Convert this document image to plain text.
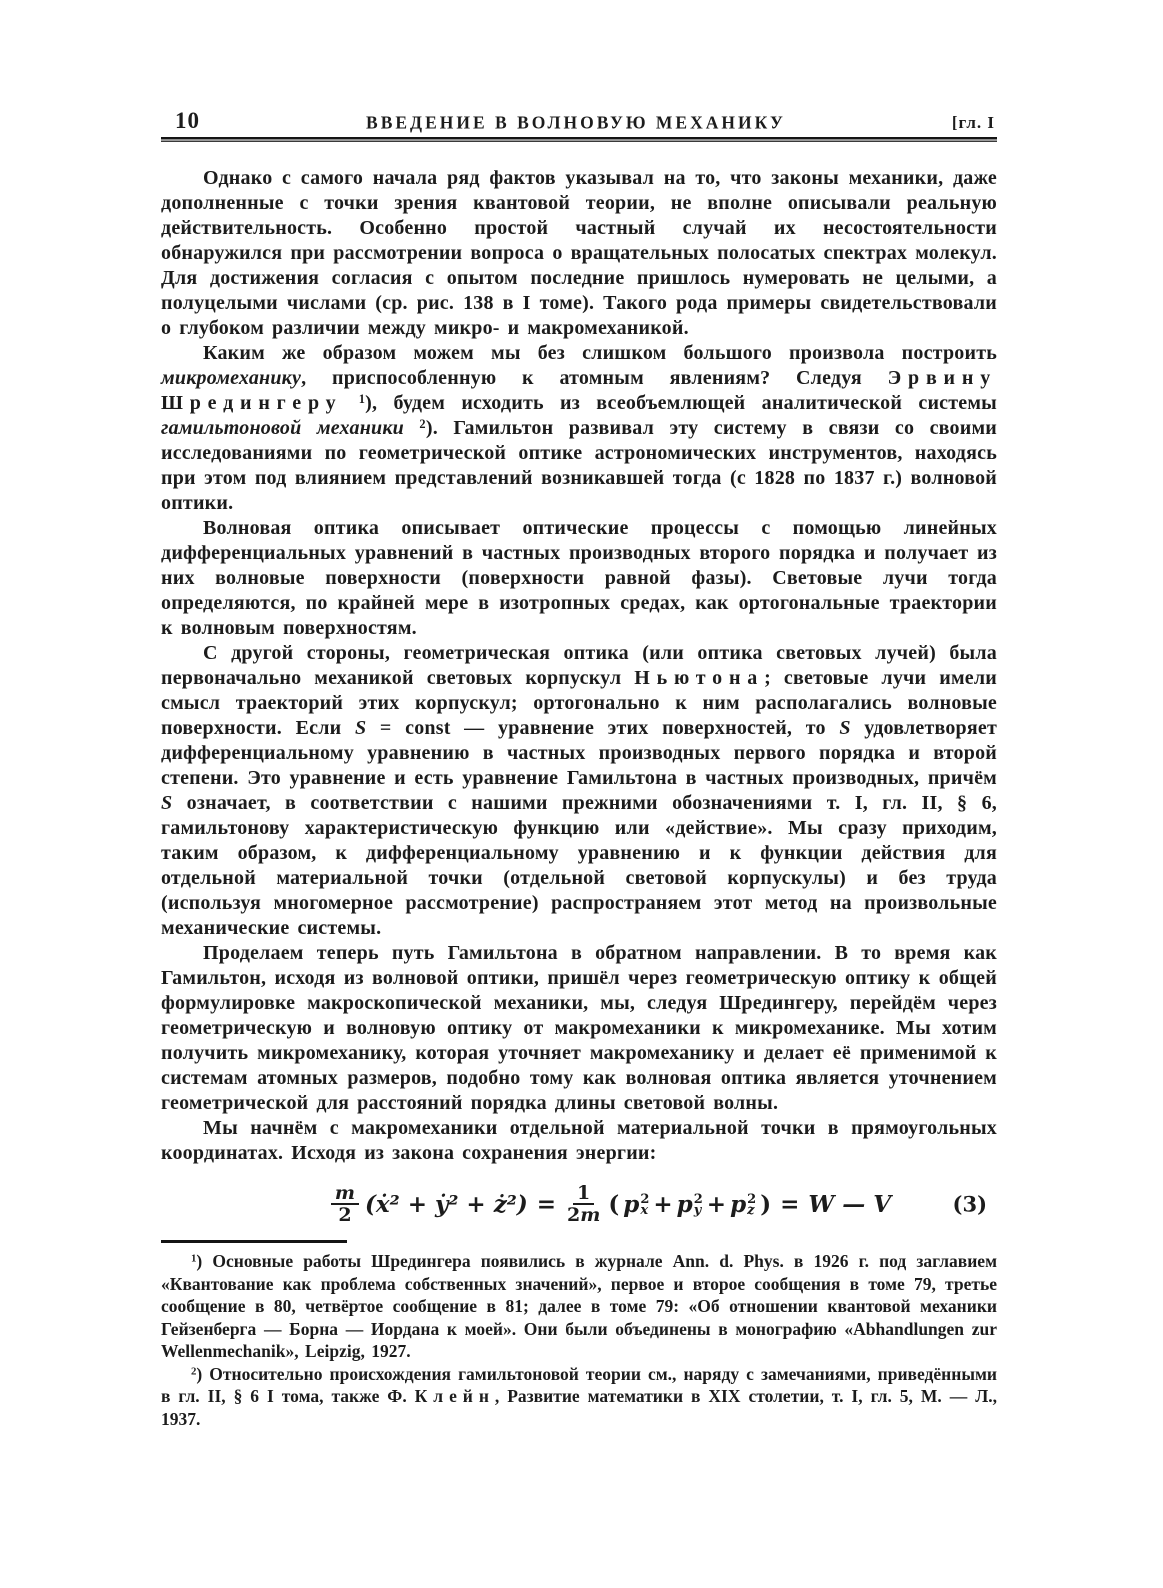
10	ВВЕДЕНИЕ В ВОЛНОВУЮ МЕХАНИКУ	[гл. I

Однако с самого начала ряд фактов указывал на то, что законы механики, даже дополненные с точки зрения квантовой теории, не вполне описывали реальную действительность. Особенно простой частный случай их несостоятельности обнаружился при рассмотрении вопроса о вращательных полосатых спектрах молекул. Для достижения согласия с опытом последние пришлось нумеровать не целыми, а полуцелыми числами (ср. рис. 138 в I томе). Такого рода примеры свидетельствовали о глубоком различии между микро- и макромеханикой.

Каким же образом можем мы без слишком большого произвола построить микромеханику, приспособленную к атомным явлениям? Следуя Эрвину Шредингеру $^1$), будем исходить из всеобъемлющей аналитической системы гамильтоновой механики $^2$). Гамильтон развивал эту систему в связи со своими исследованиями по геометрической оптике астрономических инструментов, находясь при этом под влиянием представлений возникавшей тогда (с 1828 по 1837 г.) волновой оптики.

Волновая оптика описывает оптические процессы с помощью линейных дифференциальных уравнений в частных производных второго порядка и получает из них волновые поверхности (поверхности равной фазы). Световые лучи тогда определяются, по крайней мере в изотропных средах, как ортогональные траектории к волновым поверхностям.

С другой стороны, геометрическая оптика (или оптика световых лучей) была первоначально механикой световых корпускул Ньютона; световые лучи имели смысл траекторий этих корпускул; ортогонально к ним располагались волновые поверхности. Если S = const — уравнение этих поверхностей, то S удовлетворяет дифференциальному уравнению в частных производных первого порядка и второй степени. Это уравнение и есть уравнение Гамильтона в частных производных, причём S означает, в соответствии с нашими прежними обозначениями т. I, гл. II, § 6, гамильтонову характеристическую функцию или «действие». Мы сразу приходим, таким образом, к дифференциальному уравнению и к функции действия для отдельной материальной точки (отдельной световой корпускулы) и без труда (используя многомерное рассмотрение) распространяем этот метод на произвольные механические системы.

Проделаем теперь путь Гамильтона в обратном направлении. В то время как Гамильтон, исходя из волновой оптики, пришёл через геометрическую оптику к общей формулировке макроскопической механики, мы, следуя Шредингеру, перейдём через геометрическую и волновую оптику от макромеханики к микромеханике. Мы хотим получить микромеханику, которая уточняет макромеханику и делает её применимой к системам атомных размеров, подобно тому как волновая оптика является уточнением геометрической для расстояний порядка длины световой волны.

Мы начнём с макромеханики отдельной материальной точки в прямоугольных координатах. Исходя из закона сохранения энергии:

$\frac{m}{2}$ (ẋ² + ẏ² + ż²) = $\frac{1}{2m}$ ( p 2
x + p 2
y + p 2
z ) = W — V	(3)

$^1$) Основные работы Шредингера появились в журнале Ann. d. Phys. в 1926 г. под заглавием «Квантование как проблема собственных значений», первое и второе сообщения в томе 79, третье сообщение в 80, четвёртое сообщение в 81; далее в томе 79: «Об отношении квантовой механики Гейзенберга — Борна — Иордана к моей». Они были объединены в монографию «Abhandlungen zur Wellenmechanik», Leipzig, 1927.

$^2$) Относительно происхождения гамильтоновой теории см., наряду с замечаниями, приведёнными в гл. II, § 6 I тома, также Ф. Клейн, Развитие математики в XIX столетии, т. I, гл. 5, М. — Л., 1937.
